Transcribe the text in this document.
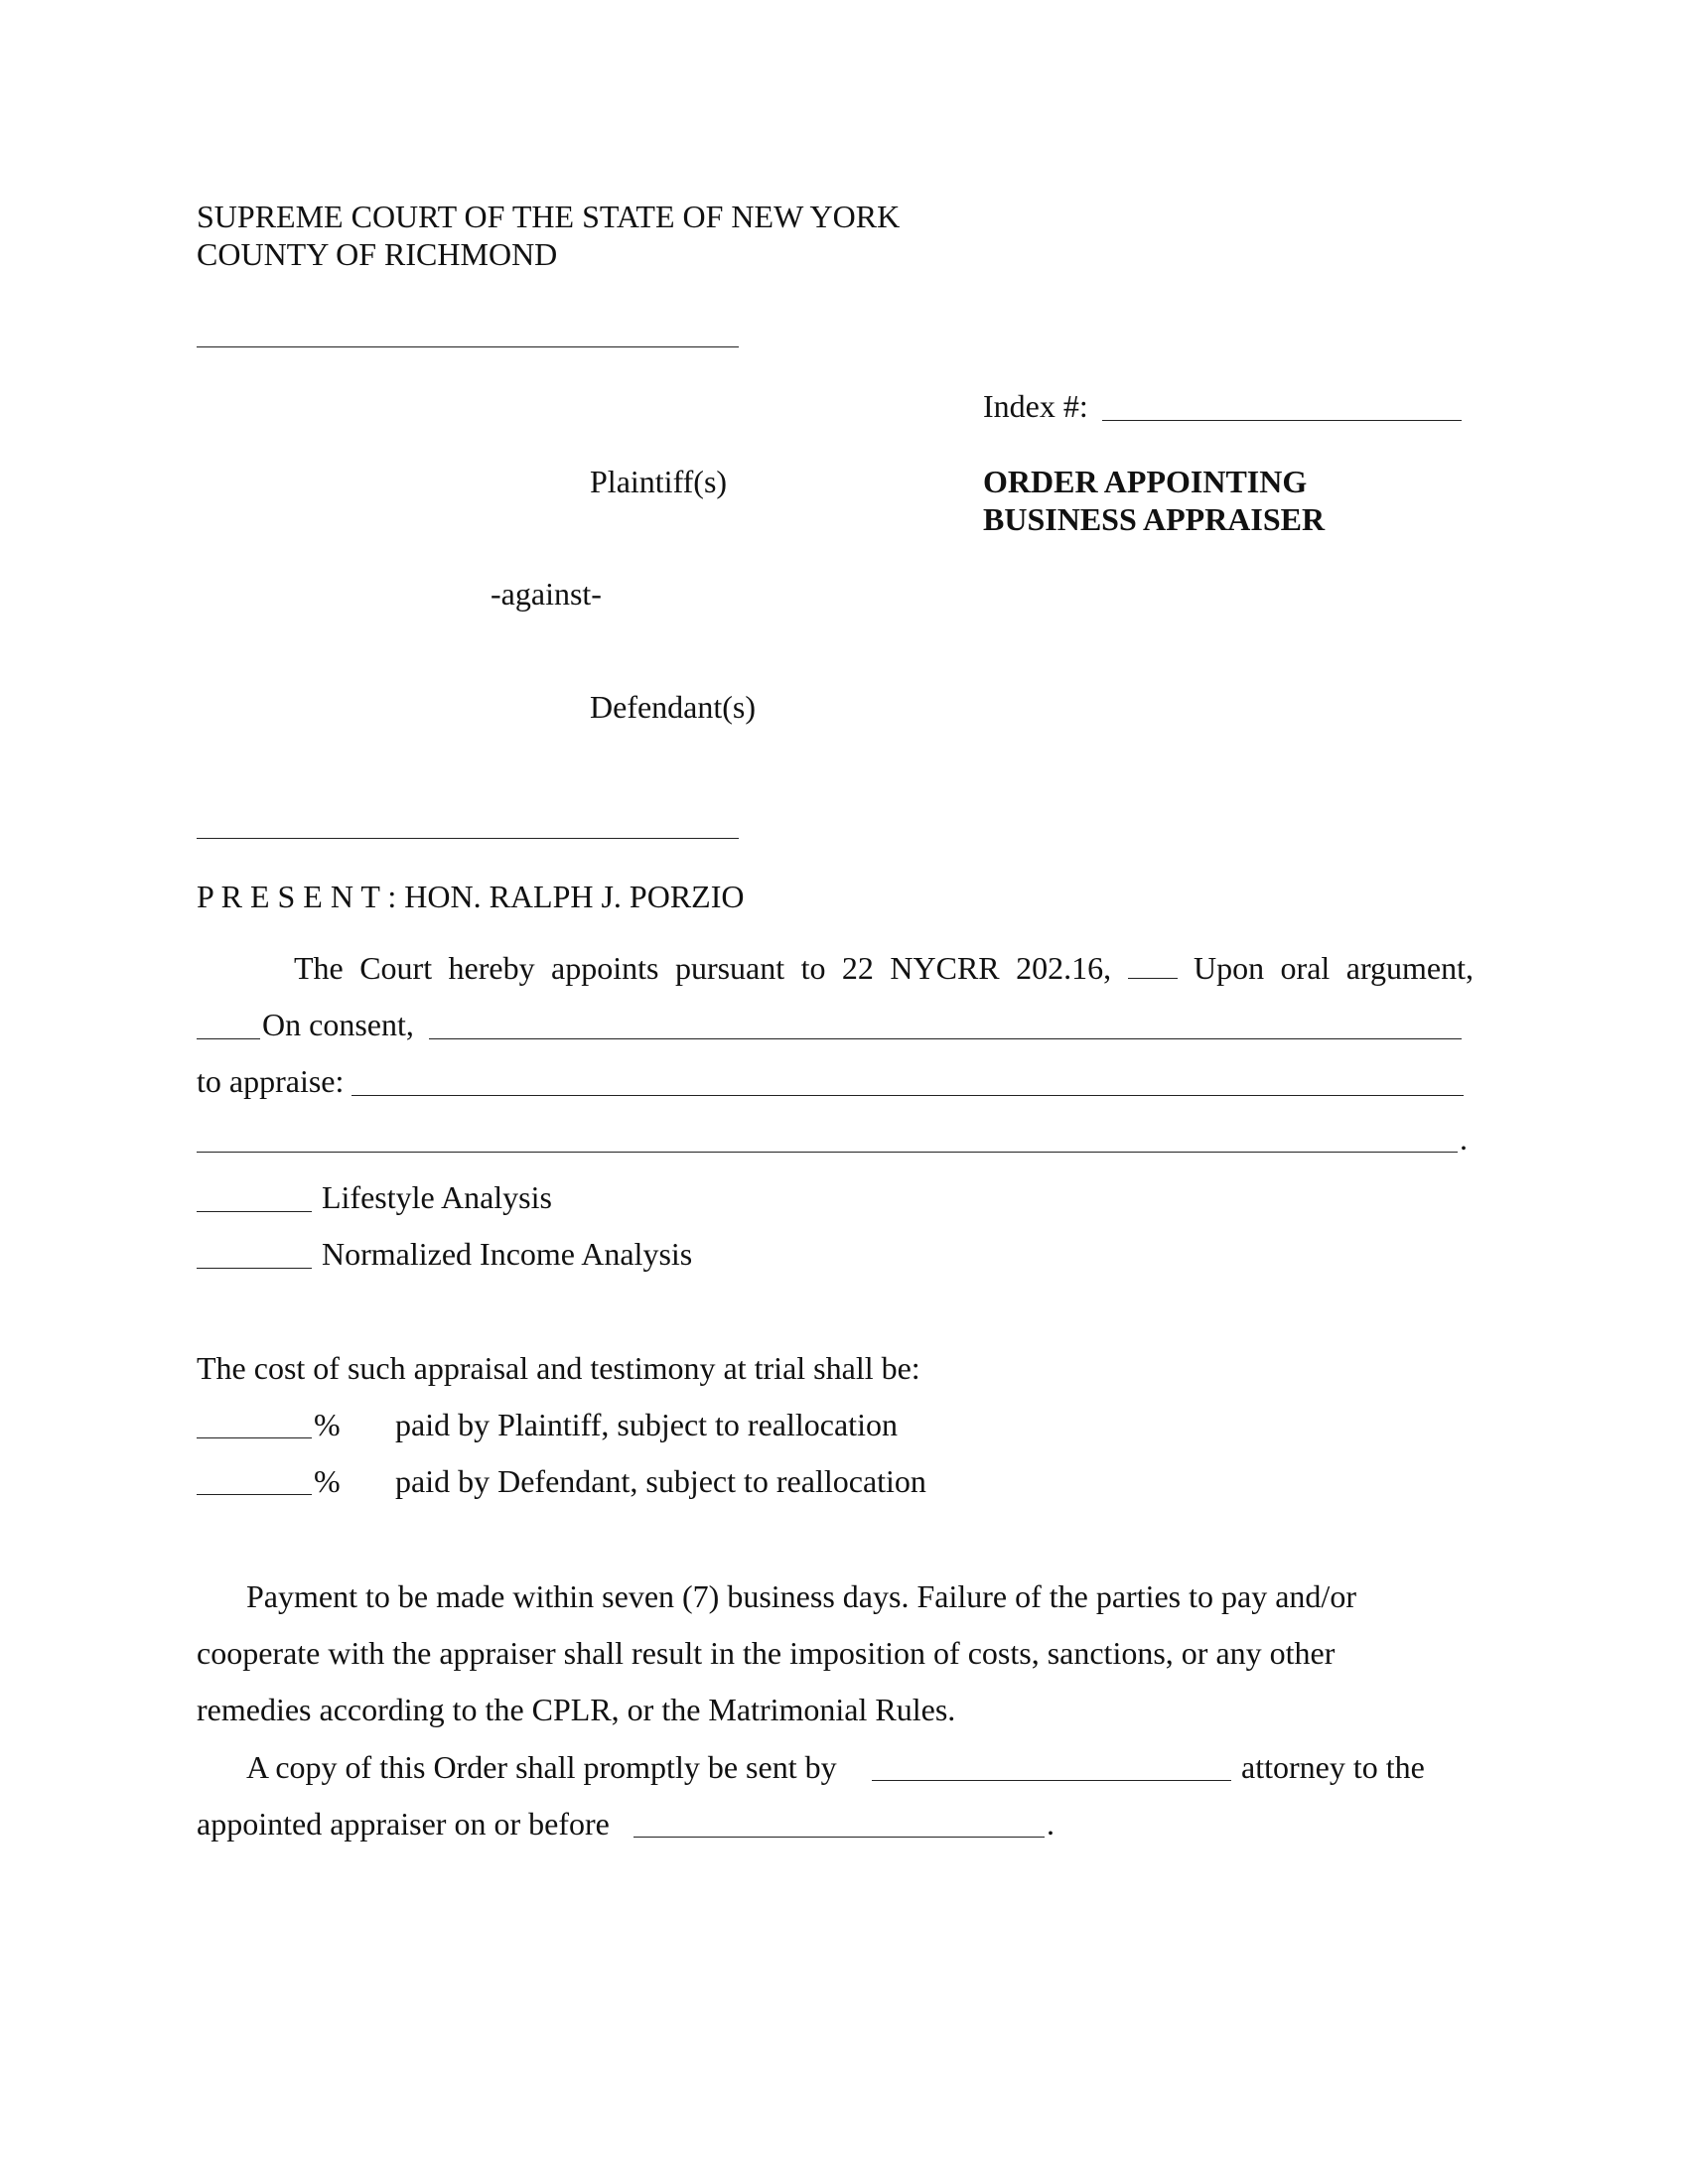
SUPREME COURT OF THE STATE OF NEW YORK
COUNTY OF RICHMOND
Index #:
Plaintiff(s)
-against-
Defendant(s)
ORDER APPOINTING
BUSINESS APPRAISER
P R E S E N T : HON. RALPH J. PORZIO
The Court hereby appoints pursuant to 22 NYCRR 202.16,	Upon oral argument,
On consent,
to appraise:
.
Lifestyle Analysis
Normalized Income Analysis
The cost of such appraisal and testimony at trial shall be:
% paid by Plaintiff, subject to reallocation
% paid by Defendant, subject to reallocation
Payment to be made within seven (7) business days. Failure of the parties to pay and/or
cooperate with the appraiser shall result in the imposition of costs, sanctions, or any other
remedies according to the CPLR, or the Matrimonial Rules.
A copy of this Order shall promptly be sent by	attorney to the
appointed appraiser on or before	.
